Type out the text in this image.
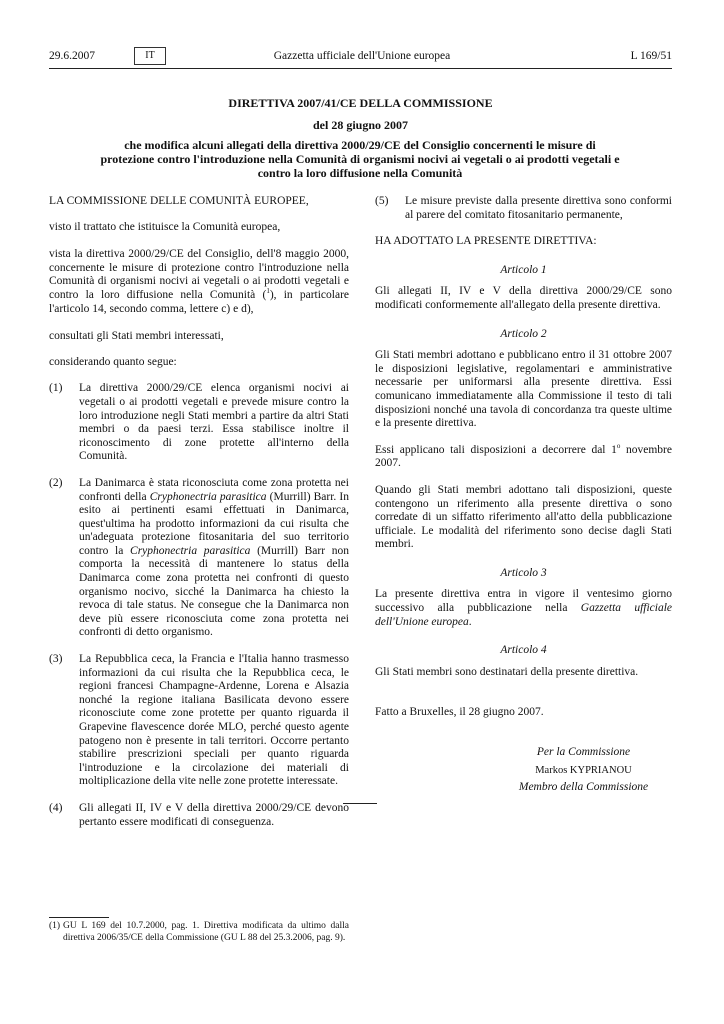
29.6.2007	IT	Gazzetta ufficiale dell'Unione europea	L 169/51
DIRETTIVA 2007/41/CE DELLA COMMISSIONE
del 28 giugno 2007
che modifica alcuni allegati della direttiva 2000/29/CE del Consiglio concernenti le misure di protezione contro l'introduzione nella Comunità di organismi nocivi ai vegetali o ai prodotti vegetali e contro la loro diffusione nella Comunità

LA COMMISSIONE DELLE COMUNITÀ EUROPEE,

visto il trattato che istituisce la Comunità europea,

vista la direttiva 2000/29/CE del Consiglio, dell'8 maggio 2000, concernente le misure di protezione contro l'introduzione nella Comunità di organismi nocivi ai vegetali o ai prodotti vegetali e contro la loro diffusione nella Comunità ($^1$), in particolare l'articolo 14, secondo comma, lettere c) e d),

consultati gli Stati membri interessati,

considerando quanto segue:

(1)	La direttiva 2000/29/CE elenca organismi nocivi ai vegetali o ai prodotti vegetali e prevede misure contro la loro introduzione negli Stati membri a partire da altri Stati membri o da paesi terzi. Essa stabilisce inoltre il riconoscimento di zone protette all'interno della Comunità.
(2)	La Danimarca è stata riconosciuta come zona protetta nei confronti della Cryphonectria parasitica (Murrill) Barr. In esito ai pertinenti esami effettuati in Danimarca, quest'ultima ha prodotto informazioni da cui risulta che un'adeguata protezione fitosanitaria del suo territorio contro la Cryphonectria parasitica (Murrill) Barr non comporta la necessità di mantenere lo status della Danimarca come zona protetta nei confronti di questo organismo nocivo, sicché la Danimarca ha chiesto la revoca di tale status. Ne consegue che la Danimarca non deve più essere riconosciuta come zona protetta nei confronti di detto organismo.
(3)	La Repubblica ceca, la Francia e l'Italia hanno trasmesso informazioni da cui risulta che la Repubblica ceca, le regioni francesi Champagne-Ardenne, Lorena e Alsazia nonché la regione italiana Basilicata devono essere riconosciute come zone protette per quanto riguarda il Grapevine flavescence dorée MLO, perché questo agente patogeno non è presente in tali territori. Occorre pertanto stabilire prescrizioni speciali per quanto riguarda l'introduzione e la circolazione dei materiali di moltiplicazione della vite nelle zone protette interessate.
(4)	Gli allegati II, IV e V della direttiva 2000/29/CE devono pertanto essere modificati di conseguenza.
(5)	Le misure previste dalla presente direttiva sono conformi al parere del comitato fitosanitario permanente,

HA ADOTTATO LA PRESENTE DIRETTIVA:

Articolo 1

Gli allegati II, IV e V della direttiva 2000/29/CE sono modificati conformemente all'allegato della presente direttiva.

Articolo 2

Gli Stati membri adottano e pubblicano entro il 31 ottobre 2007 le disposizioni legislative, regolamentari e amministrative necessarie per uniformarsi alla presente direttiva. Essi comunicano immediatamente alla Commissione il testo di tali disposizioni nonché una tavola di concordanza tra queste ultime e la presente direttiva.

Essi applicano tali disposizioni a decorrere dal 1$^o$ novembre 2007.

Quando gli Stati membri adottano tali disposizioni, queste contengono un riferimento alla presente direttiva o sono corredate di un siffatto riferimento all'atto della pubblicazione ufficiale. Le modalità del riferimento sono decise dagli Stati membri.

Articolo 3

La presente direttiva entra in vigore il ventesimo giorno successivo alla pubblicazione nella Gazzetta ufficiale dell'Unione europea.

Articolo 4

Gli Stati membri sono destinatari della presente direttiva.

Fatto a Bruxelles, il 28 giugno 2007.

Per la Commissione

Markos KYPRIANOU

Membro della Commissione

(1) GU L 169 del 10.7.2000, pag. 1. Direttiva modificata da ultimo dalla direttiva 2006/35/CE della Commissione (GU L 88 del 25.3.2006, pag. 9).
